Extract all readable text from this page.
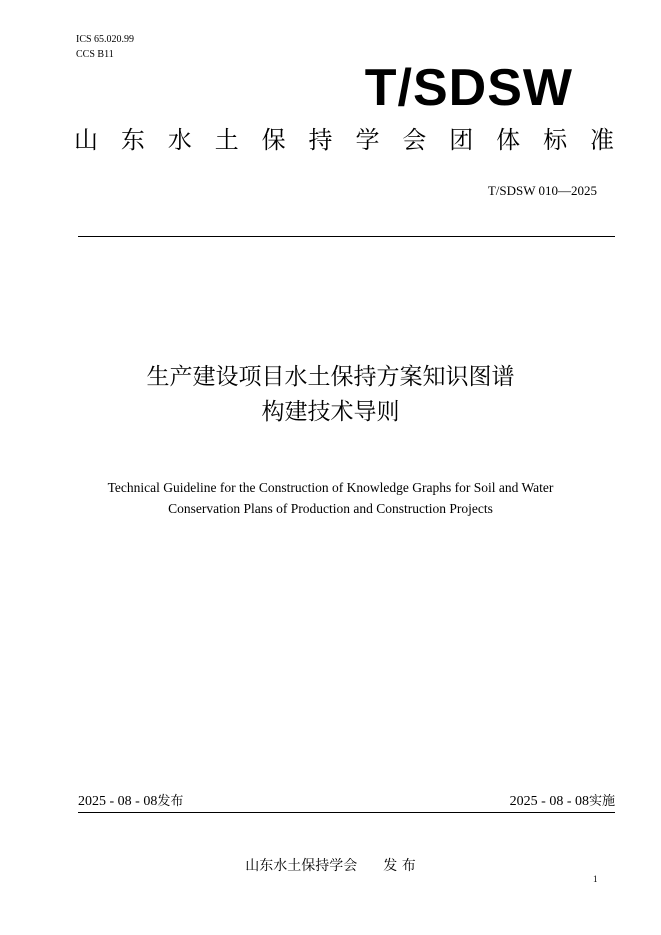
ICS 65.020.99
CCS B11
T/SDSW
山 东 水 土 保 持 学 会 团 体 标 准
T/SDSW 010—2025
生产建设项目水土保持方案知识图谱
构建技术导则
Technical Guideline for the Construction of Knowledge Graphs for Soil and Water
Conservation Plans of Production and Construction Projects
2025 - 08 - 08发布	2025 - 08 - 08实施
山东水土保持学会 发 布
1
